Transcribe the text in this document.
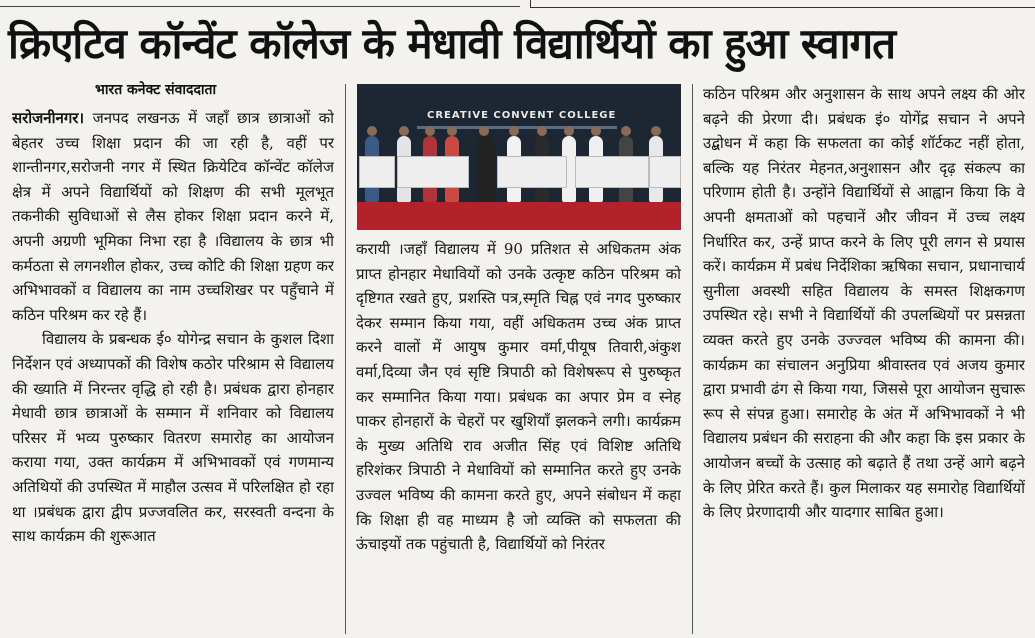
क्रिएटिव कॉन्वेंट कॉलेज के मेधावी विद्यार्थियों का हुआ स्वागत
भारत कनेक्ट संवाददाता

सरोजनीनगर। जनपद लखनऊ में जहाँ छात्र छात्राओं को बेहतर उच्च शिक्षा प्रदान की जा रही है, वहीं पर शान्तीनगर,सरोजनी नगर में स्थित क्रियेटिव कॉन्वेंट कॉलेज क्षेत्र में अपने विद्यार्थियों को शिक्षण की सभी मूलभूत तकनीकी सुविधाओं से लैस होकर शिक्षा प्रदान करने में, अपनी अग्रणी भूमिका निभा रहा है ।विद्यालय के छात्र भी कर्मठता से लगनशील होकर, उच्च कोटि की शिक्षा ग्रहण कर अभिभावकों व विद्यालय का नाम उच्चशिखर पर पहुँचाने में कठिन परिश्रम कर रहे हैं।

विद्यालय के प्रबन्धक ई० योगेन्द्र सचान के कुशल दिशा निर्देशन एवं अध्यापकों की विशेष कठोर परिश्राम से विद्यालय की ख्याति में निरन्तर वृद्धि हो रही है। प्रबंधक द्वारा होनहार मेधावी छात्र छात्राओं के सम्मान में शनिवार को विद्यालय परिसर में भव्य पुरुष्कार वितरण समारोह का आयोजन कराया गया, उक्त कार्यक्रम में अभिभावकों एवं गणमान्य अतिथियों की उपस्थित में माहौल उत्सव में परिलक्षित हो रहा था ।प्रबंधक द्वारा द्वीप प्रज्जवलित कर, सरस्वती वन्दना के साथ कार्यक्रम की शुरूआत

CREATIVE CONVENT COLLEGE

करायी ।जहाँ विद्यालय में 90 प्रतिशत से अधिकतम अंक प्राप्त होनहार मेधावियों को उनके उत्कृष्ट कठिन परिश्रम को दृष्टिगत रखते हुए, प्रशस्ति पत्र,स्मृति चिह्न एवं नगद पुरुष्कार देकर सम्मान किया गया, वहीं अधिकतम उच्च अंक प्राप्त करने वालों में आयुष कुमार वर्मा,पीयूष तिवारी,अंकुश वर्मा,दिव्या जैन एवं सृष्टि त्रिपाठी को विशेषरूप से पुरुष्कृत कर सम्मानित किया गया। प्रबंधक का अपार प्रेम व स्नेह पाकर होनहारों के चेहरों पर खुशियाँ झलकने लगी। कार्यक्रम के मुख्य अतिथि राव अजीत सिंह एवं विशिष्ट अतिथि हरिशंकर त्रिपाठी ने मेधावियों को सम्मानित करते हुए उनके उज्वल भविष्य की कामना करते हुए, अपने संबोधन में कहा कि शिक्षा ही वह माध्यम है जो व्यक्ति को सफलता की ऊंचाइयों तक पहुंचाती है, विद्यार्थियों को निरंतर

कठिन परिश्रम और अनुशासन के साथ अपने लक्ष्य की ओर बढ़ने की प्रेरणा दी। प्रबंधक इं० योगेंद्र सचान ने अपने उद्बोधन में कहा कि सफलता का कोई शॉर्टकट नहीं होता, बल्कि यह निरंतर मेहनत,अनुशासन और दृढ़ संकल्प का परिणाम होती है। उन्होंने विद्यार्थियों से आह्वान किया कि वे अपनी क्षमताओं को पहचानें और जीवन में उच्च लक्ष्य निर्धारित कर, उन्हें प्राप्त करने के लिए पूरी लगन से प्रयास करें। कार्यक्रम में प्रबंध निर्देशिका ऋषिका सचान, प्रधानाचार्य सुनीला अवस्थी सहित विद्यालय के समस्त शिक्षकगण उपस्थित रहे। सभी ने विद्यार्थियों की उपलब्धियों पर प्रसन्नता व्यक्त करते हुए उनके उज्ज्वल भविष्य की कामना की। कार्यक्रम का संचालन अनुप्रिया श्रीवास्तव एवं अजय कुमार द्वारा प्रभावी ढंग से किया गया, जिससे पूरा आयोजन सुचारू रूप से संपन्न हुआ। समारोह के अंत में अभिभावकों ने भी विद्यालय प्रबंधन की सराहना की और कहा कि इस प्रकार के आयोजन बच्चों के उत्साह को बढ़ाते हैं तथा उन्हें आगे बढ़ने के लिए प्रेरित करते हैं। कुल मिलाकर यह समारोह विद्यार्थियों के लिए प्रेरणादायी और यादगार साबित हुआ।
